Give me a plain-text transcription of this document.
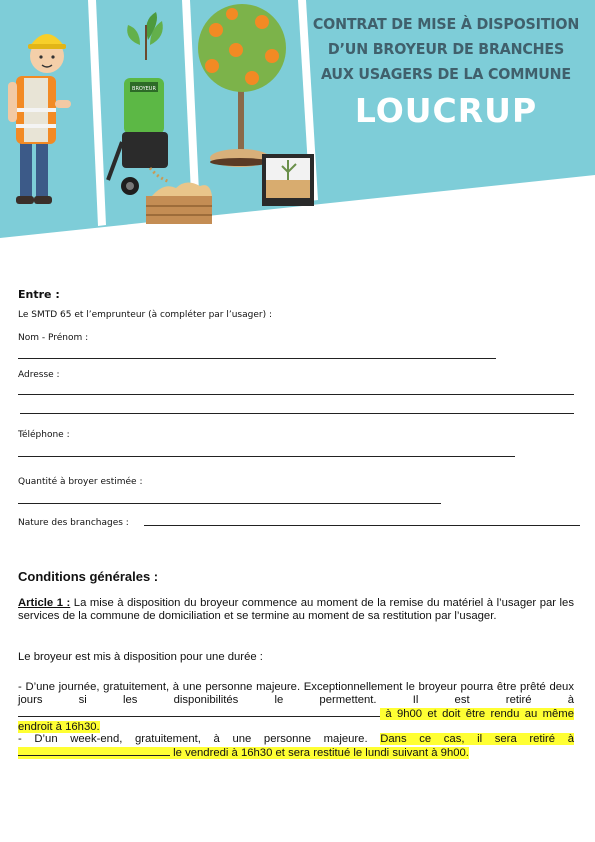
BROYEUR
CONTRAT DE MISE À DISPOSITION
D’UN BROYEUR DE BRANCHES
AUX USAGERS DE LA COMMUNE
LOUCRUP
Entre :
Le SMTD 65 et l’emprunteur (à compléter par l’usager) :
Nom - Prénom :
Adresse :
Téléphone :
Quantité à broyer estimée :
Nature des branchages :
Conditions générales :
Article 1 : La mise à disposition du broyeur commence au moment de la remise du matériel à l’usager par les services de la commune de domiciliation et se termine au moment de sa restitution par l’usager.
Le broyeur est mis à disposition pour une durée :
- D’une journée, gratuitement, à une personne majeure. Exceptionnellement le broyeur pourra être prêté deux jours si les disponibilités le permettent. Il est retiré à  à 9h00 et doit être rendu au même endroit à 16h30.
- D’un week-end, gratuitement, à une personne majeure. Dans ce cas, il sera retiré à  le vendredi à 16h30 et sera restitué le lundi suivant à 9h00.
